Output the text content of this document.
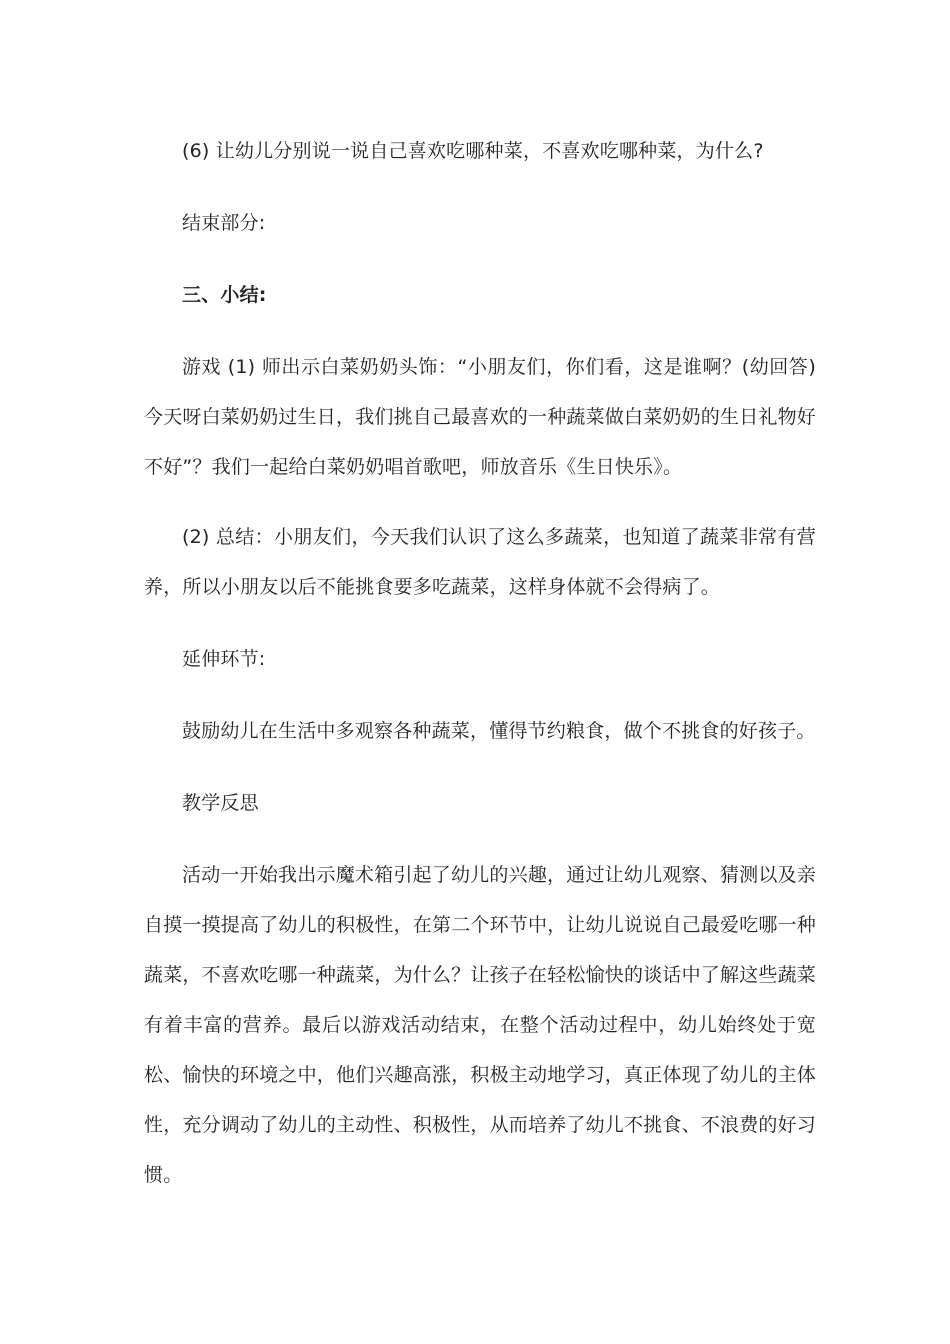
(6) 让幼儿分别说一说自己喜欢吃哪种菜，不喜欢吃哪种菜，为什么?

结束部分:

三、小结:

游戏 (1) 师出示白菜奶奶头饰：“小朋友们，你们看，这是谁啊？(幼回答) 今天呀白菜奶奶过生日，我们挑自己最喜欢的一种蔬菜做白菜奶奶的生日礼物好不好”？我们一起给白菜奶奶唱首歌吧，师放音乐《生日快乐》。

(2) 总结：小朋友们，今天我们认识了这么多蔬菜，也知道了蔬菜非常有营养，所以小朋友以后不能挑食要多吃蔬菜，这样身体就不会得病了。

延伸环节:

鼓励幼儿在生活中多观察各种蔬菜，懂得节约粮食，做个不挑食的好孩子。

教学反思

活动一开始我出示魔术箱引起了幼儿的兴趣，通过让幼儿观察、猜测以及亲自摸一摸提高了幼儿的积极性，在第二个环节中，让幼儿说说自己最爱吃哪一种蔬菜，不喜欢吃哪一种蔬菜，为什么？让孩子在轻松愉快的谈话中了解这些蔬菜有着丰富的营养。最后以游戏活动结束，在整个活动过程中，幼儿始终处于宽松、愉快的环境之中，他们兴趣高涨，积极主动地学习，真正体现了幼儿的主体性，充分调动了幼儿的主动性、积极性，从而培养了幼儿不挑食、不浪费的好习惯。
